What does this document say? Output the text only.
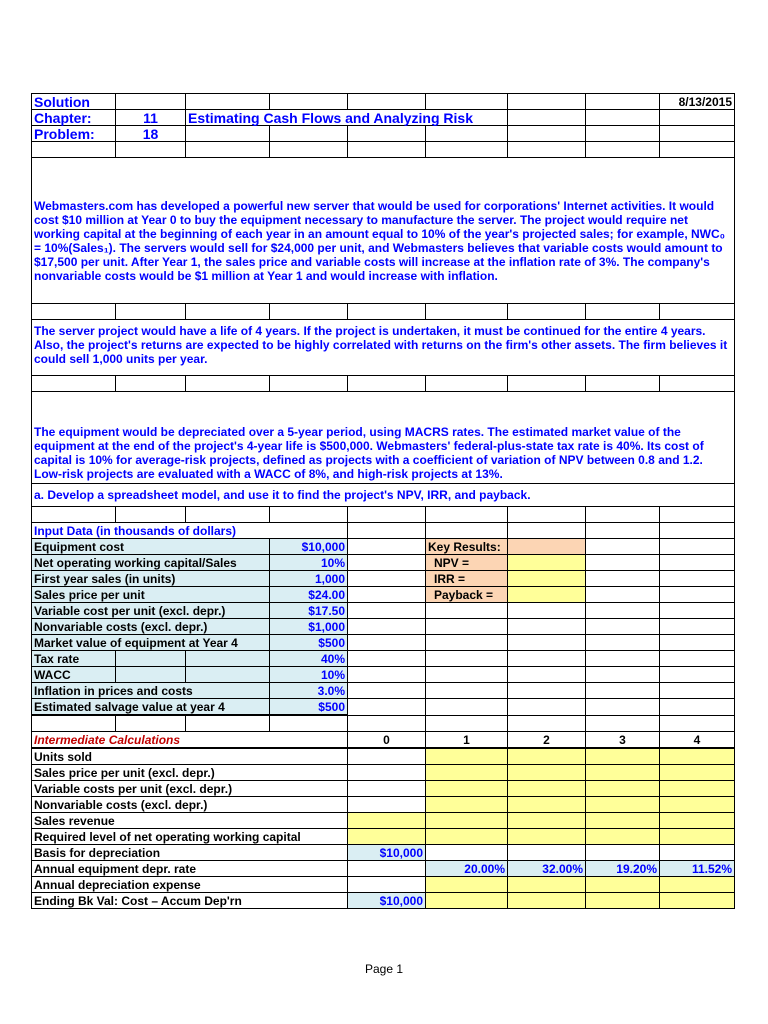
Solution								8/13/2015
Chapter:	11	Estimating Cash Flows and Analyzing Risk						
Problem:	18							

Webmasters.com has developed a powerful new server that would be used for corporations' Internet activities. It would cost $10 million at Year 0 to buy the equipment necessary to manufacture the server. The project would require net working capital at the beginning of each year in an amount equal to 10% of the year's projected sales; for example, NWC₀ = 10%(Sales₁). The servers would sell for $24,000 per unit, and Webmasters believes that variable costs would amount to $17,500 per unit. After Year 1, the sales price and variable costs will increase at the inflation rate of 3%. The company's nonvariable costs would be $1 million at Year 1 and would increase with inflation.								

The server project would have a life of 4 years. If the project is undertaken, it must be continued for the entire 4 years. Also, the project's returns are expected to be highly correlated with returns on the firm's other assets. The firm believes it could sell 1,000 units per year.								

The equipment would be depreciated over a 5-year period, using MACRS rates. The estimated market value of the equipment at the end of the project's 4-year life is $500,000. Webmasters' federal-plus-state tax rate is 40%. Its cost of capital is 10% for average-risk projects, defined as projects with a coefficient of variation of NPV between 0.8 and 1.2. Low-risk projects are evaluated with a WACC of 8%, and high-risk projects at 13%.								
a. Develop a spreadsheet model, and use it to find the project's NPV, IRR, and payback.								

Input Data (in thousands of dollars)								
Equipment cost			$10,000		Key Results:			
Net operating working capital/Sales			10%		NPV =			
First year sales (in units)			1,000		IRR =			
Sales price per unit			$24.00		Payback =			
Variable cost per unit (excl. depr.)			$17.50					
Nonvariable costs (excl. depr.)			$1,000					
Market value of equipment at Year 4			$500					
Tax rate			40%					
WACC			10%					
Inflation in prices and costs			3.0%					
Estimated salvage value at year 4			$500					

Intermediate Calculations				0	1	2	3	4
Units sold								
Sales price per unit (excl. depr.)								
Variable costs per unit (excl. depr.)								
Nonvariable costs (excl. depr.)								
Sales revenue								
Required level of net operating working capital								
Basis for depreciation				$10,000				
Annual equipment depr. rate					20.00%	32.00%	19.20%	11.52%
Annual depreciation expense								
Ending Bk Val: Cost – Accum Dep'rn				$10,000				
Page 1
